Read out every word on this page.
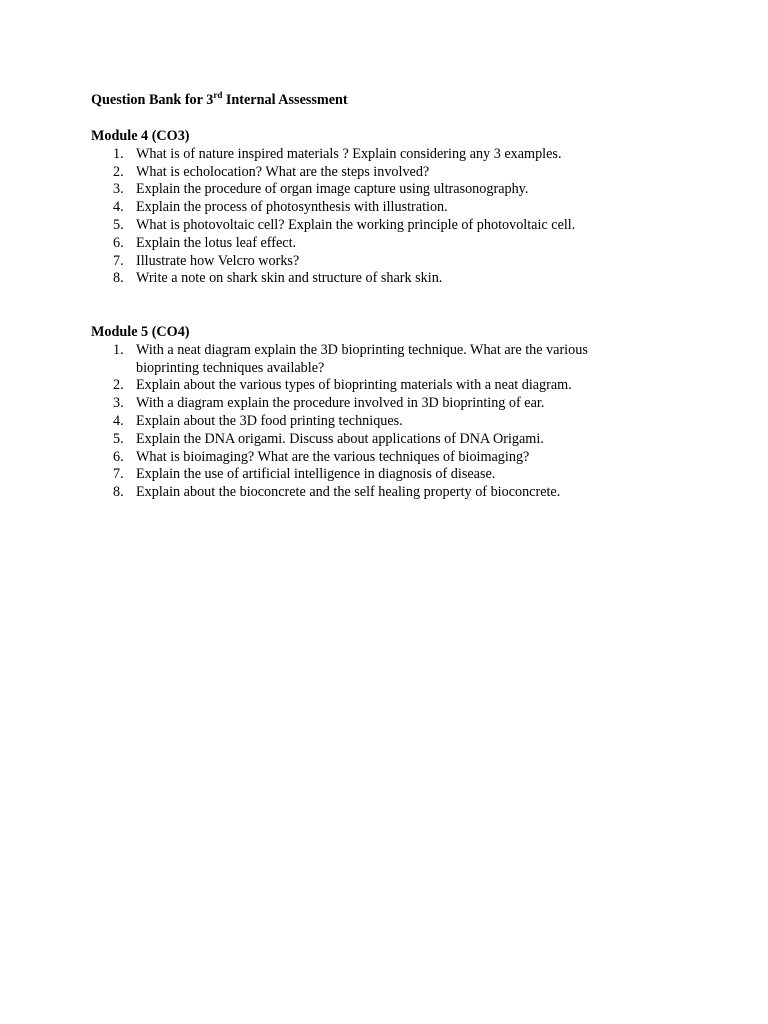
Question Bank for 3rd Internal Assessment
Module 4 (CO3)
1. What is of nature inspired materials ? Explain considering any 3 examples.
2. What is echolocation? What are the steps involved?
3. Explain the procedure of organ image capture using ultrasonography.
4. Explain the process of photosynthesis with illustration.
5. What is photovoltaic cell? Explain the working principle of photovoltaic cell.
6. Explain the lotus leaf effect.
7. Illustrate how Velcro works?
8. Write a note on shark skin and structure of shark skin.
Module 5 (CO4)
1. With a neat diagram explain the 3D bioprinting technique. What are the various bioprinting techniques available?
2. Explain about the various types of bioprinting materials with a neat diagram.
3. With a diagram explain the procedure involved in 3D bioprinting of ear.
4. Explain about the 3D food printing techniques.
5. Explain the DNA origami. Discuss about applications of DNA Origami.
6. What is bioimaging? What are the various techniques of bioimaging?
7. Explain the use of artificial intelligence in diagnosis of disease.
8. Explain about the bioconcrete and the self healing property of bioconcrete.
